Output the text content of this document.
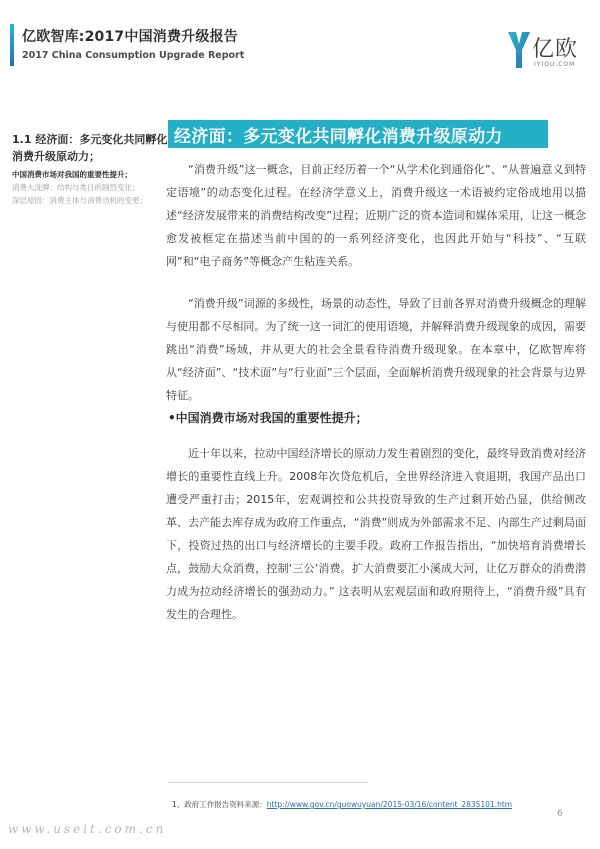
亿欧智库:2017中国消费升级报告
2017 China Consumption Upgrade Report	亿欧
IYIOU.COM
1.1 经济面：多元变化共同孵化消费升级原动力；
中国消费市场对我国的重要性提升；
消费大洗牌：结构与类目的剧烈变化；
深层原因：消费主体与消费动机的变更；
经济面：多元变化共同孵化消费升级原动力

“消费升级”这一概念，目前正经历着一个“从学术化到通俗化”、“从普遍意义到特定语境”的动态变化过程。在经济学意义上，消费升级这一术语被约定俗成地用以描述“经济发展带来的消费结构改变”过程；近期广泛的资本造词和媒体采用，让这一概念愈发被框定在描述当前中国的的一系列经济变化，也因此开始与“科技”、“互联网”和“电子商务”等概念产生粘连关系。

“消费升级”词源的多级性，场景的动态性，导致了目前各界对消费升级概念的理解与使用都不尽相同。为了统一这一词汇的使用语境，并解释消费升级现象的成因，需要跳出“消费”场域，并从更大的社会全景看待消费升级现象。在本章中，亿欧智库将从“经济面”、“技术面”与“行业面”三个层面，全面解析消费升级现象的社会背景与边界特征。

•中国消费市场对我国的重要性提升；

近十年以来，拉动中国经济增长的原动力发生着剧烈的变化，最终导致消费对经济增长的重要性直线上升。2008年次贷危机后，全世界经济进入衰退期，我国产品出口遭受严重打击；2015年，宏观调控和公共投资导致的生产过剩开始凸显，供给侧改革、去产能去库存成为政府工作重点，“消费”则成为外部需求不足、内部生产过剩局面下，投资过热的出口与经济增长的主要手段。政府工作报告指出，“加快培育消费增长点，鼓励大众消费，控制‘三公’消费。扩大消费要汇小溪成大河，让亿万群众的消费潜力成为拉动经济增长的强劲动力。” 这表明从宏观层面和政府期待上，“消费升级”具有发生的合理性。

1、政府工作报告资料来源：http://www.gov.cn/guowuyuan/2015-03/16/content_2835101.htm
6
www.useit.com.cn
